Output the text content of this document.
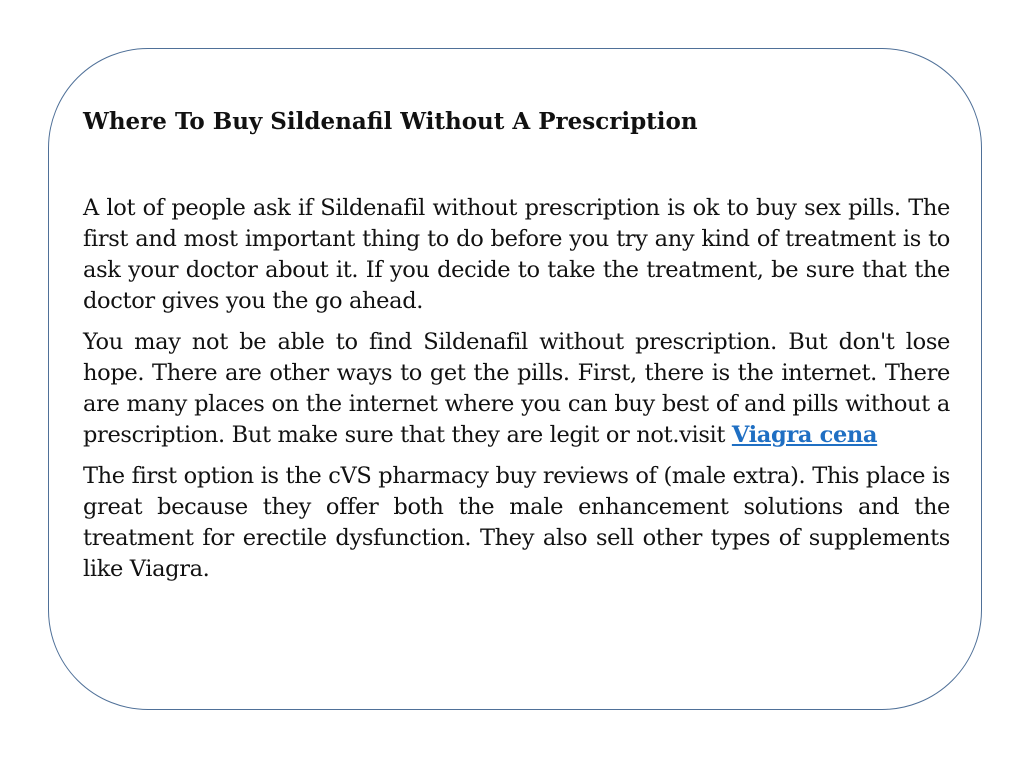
Where To Buy Sildenafil Without A Prescription

A lot of people ask if Sildenafil without prescription is ok to buy sex pills. The first and most important thing to do before you try any kind of treatment is to ask your doctor about it. If you decide to take the treatment, be sure that the doctor gives you the go ahead.

You may not be able to find Sildenafil without prescription. But don't lose hope. There are other ways to get the pills. First, there is the internet. There are many places on the internet where you can buy best of and pills without a prescription. But make sure that they are legit or not.visit Viagra cena

The first option is the cVS pharmacy buy reviews of (male extra). This place is great because they offer both the male enhancement solutions and the treatment for erectile dysfunction. They also sell other types of supplements like Viagra.
